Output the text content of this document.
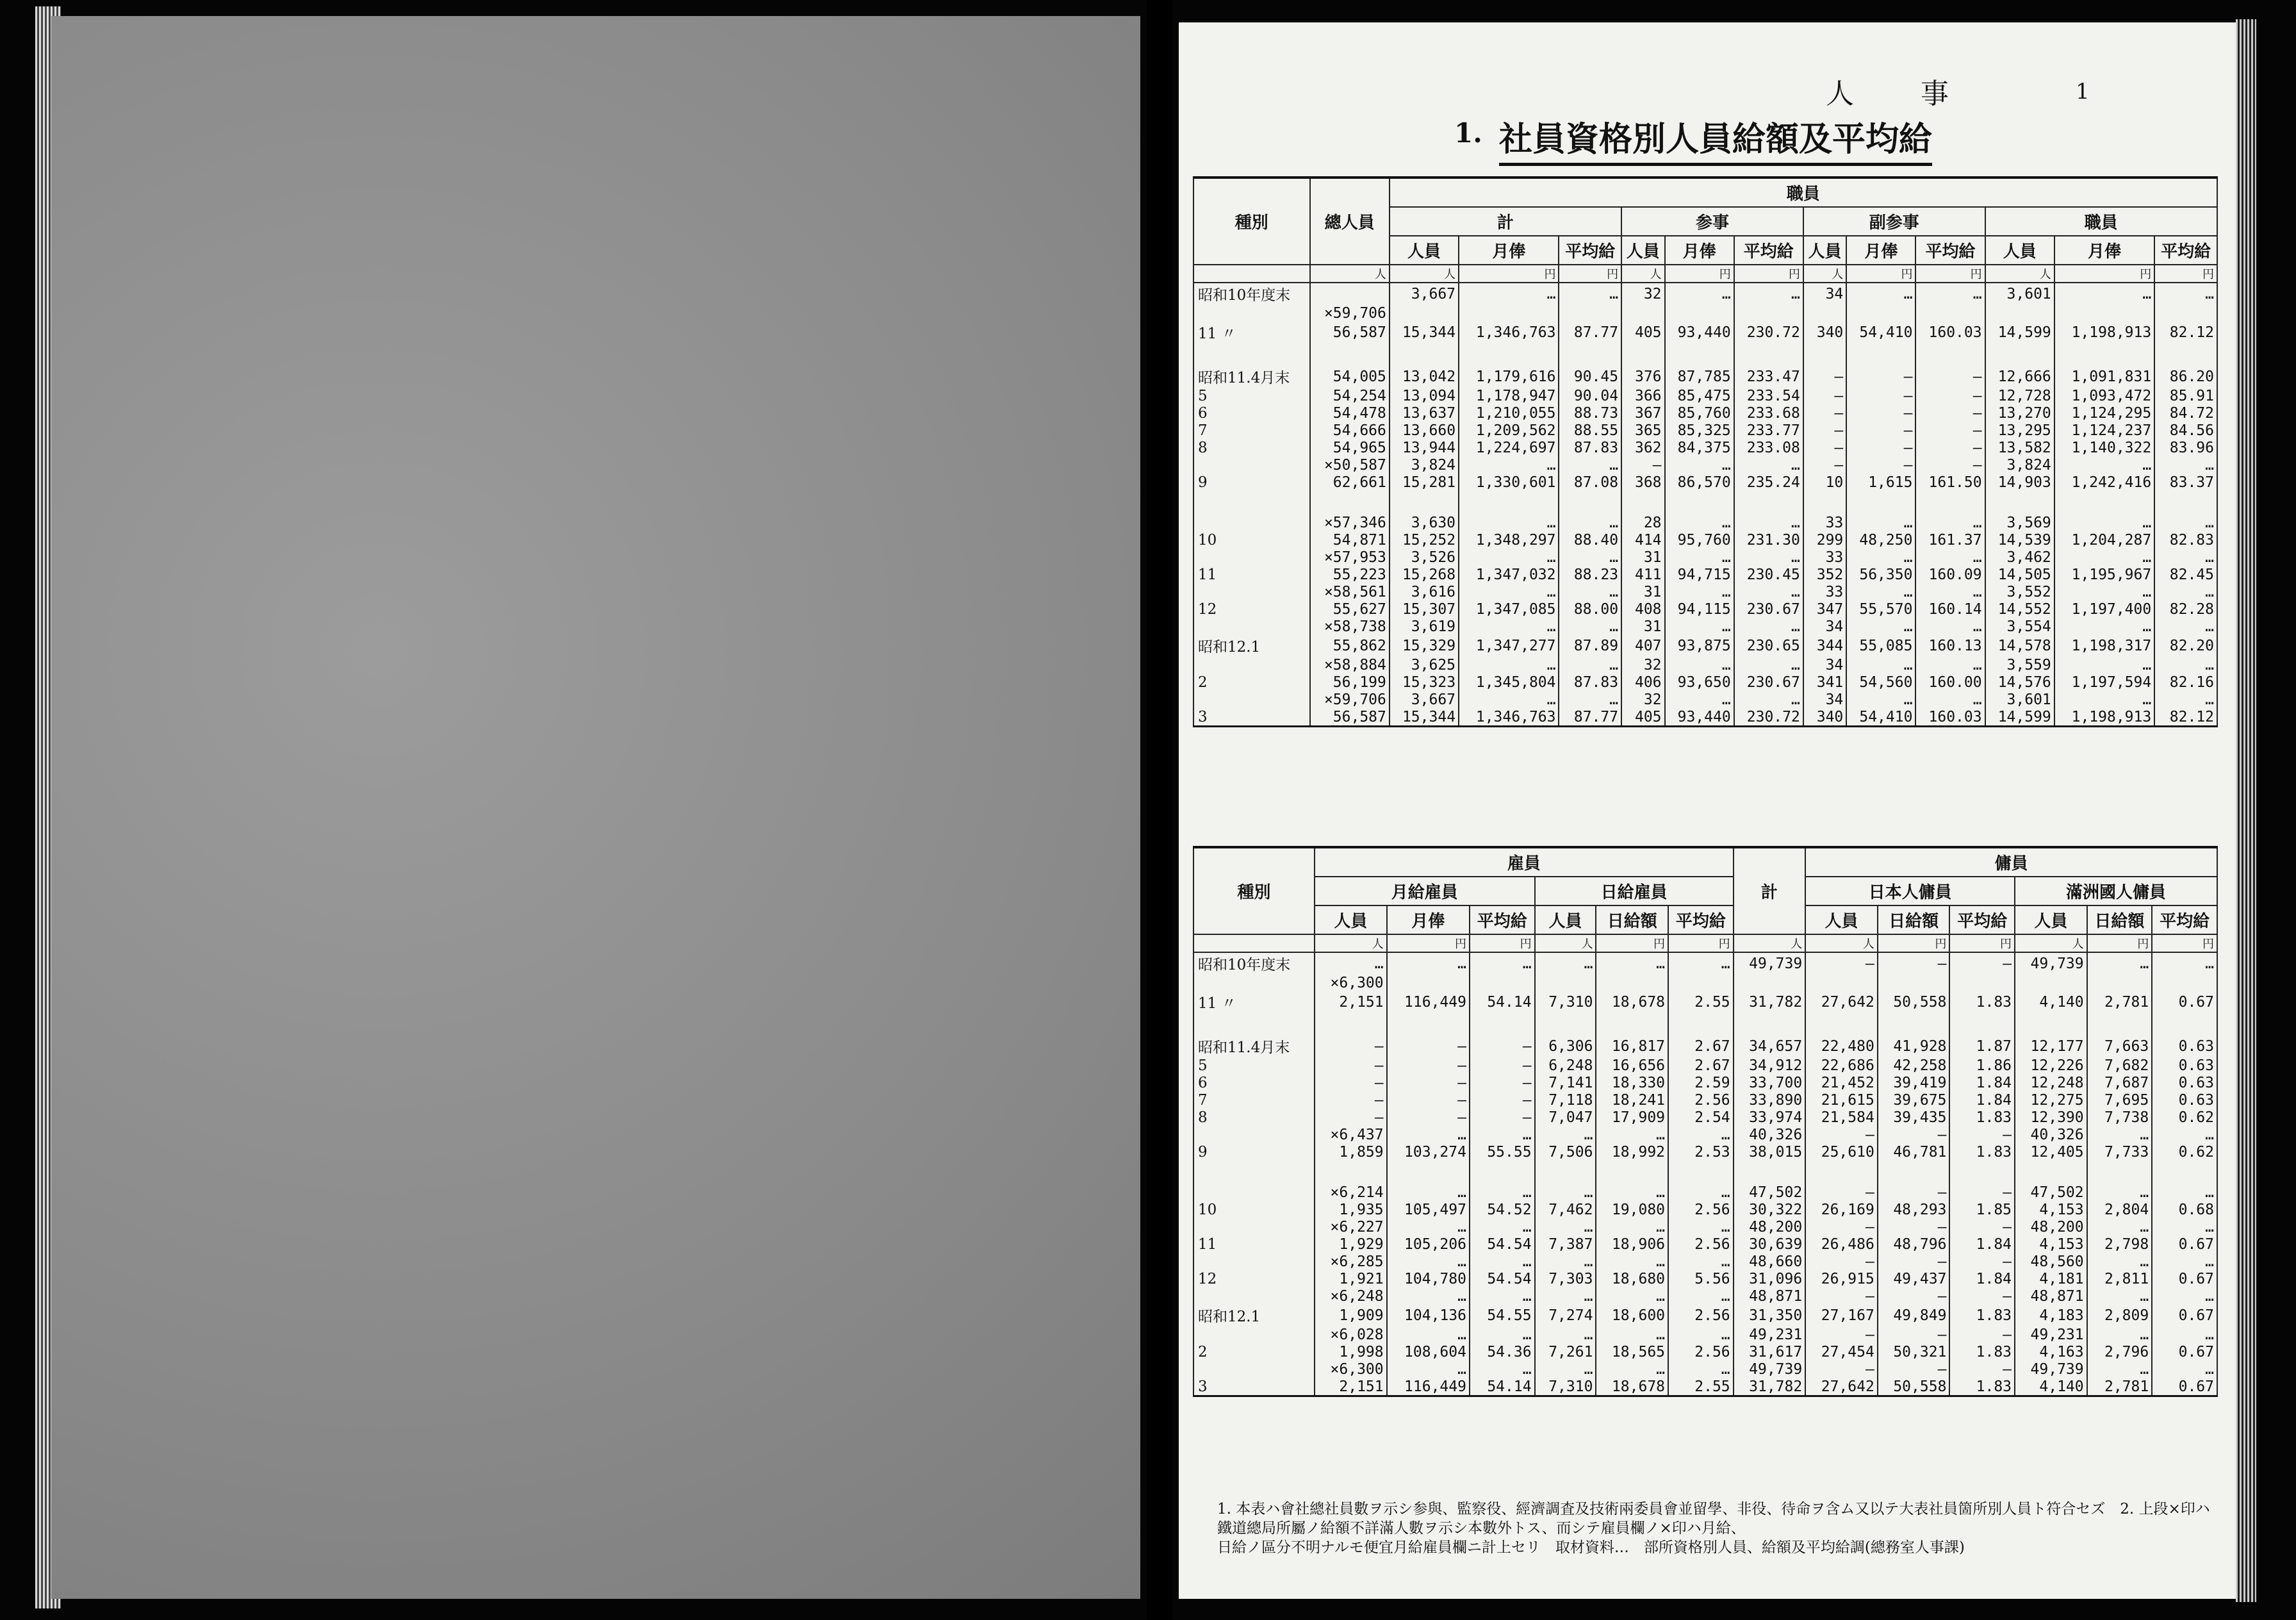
人　事	1
1. 社員資格別人員給額及平均給
種別	總人員	職員											
		計			参事			副参事			職員		
		人員	月俸	平均給	人員	月俸	平均給	人員	月俸	平均給	人員	月俸	平均給
	人	人	円	円	人	円	円	人	円	円	人	円	円
昭和10年度末		3,667	…	…	32	…	…	34	…	…	3,601	…	…
	×59,706												
11 〃	56,587	15,344	1,346,763	87.77	405	93,440	230.72	340	54,410	160.03	14,599	1,198,913	82.12

昭和11.4月末	54,005	13,042	1,179,616	90.45	376	87,785	233.47	—	—	—	12,666	1,091,831	86.20
5	54,254	13,094	1,178,947	90.04	366	85,475	233.54	—	—	—	12,728	1,093,472	85.91
6	54,478	13,637	1,210,055	88.73	367	85,760	233.68	—	—	—	13,270	1,124,295	84.72
7	54,666	13,660	1,209,562	88.55	365	85,325	233.77	—	—	—	13,295	1,124,237	84.56
8	54,965	13,944	1,224,697	87.83	362	84,375	233.08	—	—	—	13,582	1,140,322	83.96
	×50,587	3,824	…	…	—	…	…	—	—	—	3,824	…	…
9	62,661	15,281	1,330,601	87.08	368	86,570	235.24	10	1,615	161.50	14,903	1,242,416	83.37

	×57,346	3,630	…	…	28	…	…	33	…	…	3,569	…	…
10	54,871	15,252	1,348,297	88.40	414	95,760	231.30	299	48,250	161.37	14,539	1,204,287	82.83
	×57,953	3,526	…	…	31	…	…	33	…	…	3,462	…	…
11	55,223	15,268	1,347,032	88.23	411	94,715	230.45	352	56,350	160.09	14,505	1,195,967	82.45
	×58,561	3,616	…	…	31	…	…	33	…	…	3,552	…	…
12	55,627	15,307	1,347,085	88.00	408	94,115	230.67	347	55,570	160.14	14,552	1,197,400	82.28
	×58,738	3,619	…	…	31	…	…	34	…	…	3,554	…	…
昭和12.1	55,862	15,329	1,347,277	87.89	407	93,875	230.65	344	55,085	160.13	14,578	1,198,317	82.20
	×58,884	3,625	…	…	32	…	…	34	…	…	3,559	…	…
2	56,199	15,323	1,345,804	87.83	406	93,650	230.67	341	54,560	160.00	14,576	1,197,594	82.16
	×59,706	3,667	…	…	32	…	…	34	…	…	3,601	…	…
3	56,587	15,344	1,346,763	87.77	405	93,440	230.72	340	54,410	160.03	14,599	1,198,913	82.12
種別	雇員						計	傭員					
	月給雇員			日給雇員				日本人傭員			滿洲國人傭員		
	人員	月俸	平均給	人員	日給額	平均給		人員	日給額	平均給	人員	日給額	平均給
	人	円	円	人	円	円	人	人	円	円	人	円	円
昭和10年度末	…	…	…	…	…	…	49,739	—	—	—	49,739	…	…
	×6,300												
11 〃	2,151	116,449	54.14	7,310	18,678	2.55	31,782	27,642	50,558	1.83	4,140	2,781	0.67

昭和11.4月末	—	—	—	6,306	16,817	2.67	34,657	22,480	41,928	1.87	12,177	7,663	0.63
5	—	—	—	6,248	16,656	2.67	34,912	22,686	42,258	1.86	12,226	7,682	0.63
6	—	—	—	7,141	18,330	2.59	33,700	21,452	39,419	1.84	12,248	7,687	0.63
7	—	—	—	7,118	18,241	2.56	33,890	21,615	39,675	1.84	12,275	7,695	0.63
8	—	—	—	7,047	17,909	2.54	33,974	21,584	39,435	1.83	12,390	7,738	0.62
	×6,437	…	…	…	…	…	40,326	—	—	—	40,326	…	…
9	1,859	103,274	55.55	7,506	18,992	2.53	38,015	25,610	46,781	1.83	12,405	7,733	0.62

	×6,214	…	…	…	…	…	47,502	—	—	—	47,502	…	…
10	1,935	105,497	54.52	7,462	19,080	2.56	30,322	26,169	48,293	1.85	4,153	2,804	0.68
	×6,227	…	…	…	…	…	48,200	—	—	—	48,200	…	…
11	1,929	105,206	54.54	7,387	18,906	2.56	30,639	26,486	48,796	1.84	4,153	2,798	0.67
	×6,285	…	…	…	…	…	48,660	—	—	—	48,560	…	…
12	1,921	104,780	54.54	7,303	18,680	5.56	31,096	26,915	49,437	1.84	4,181	2,811	0.67
	×6,248	…	…	…	…	…	48,871	—	—	—	48,871	…	…
昭和12.1	1,909	104,136	54.55	7,274	18,600	2.56	31,350	27,167	49,849	1.83	4,183	2,809	0.67
	×6,028	…	…	…	…	…	49,231	—	—	—	49,231	…	…
2	1,998	108,604	54.36	7,261	18,565	2.56	31,617	27,454	50,321	1.83	4,163	2,796	0.67
	×6,300	…	…	…	…	…	49,739	—	—	—	49,739	…	…
3	2,151	116,449	54.14	7,310	18,678	2.55	31,782	27,642	50,558	1.83	4,140	2,781	0.67
1. 本表ハ會社總社員數ヲ示シ参與、監察役、經濟調査及技術兩委員會並留學、非役、待命ヲ含ム又以テ大表社員箇所別人員ト符合セズ　2. 上段×印ハ鐵道總局所屬ノ給額不詳滿人數ヲ示シ本數外トス、而シテ雇員欄ノ×印ハ月給、
日給ノ區分不明ナルモ便宜月給雇員欄ニ計上セリ　取材資料…　部所資格別人員、給額及平均給調(總務室人事課)
